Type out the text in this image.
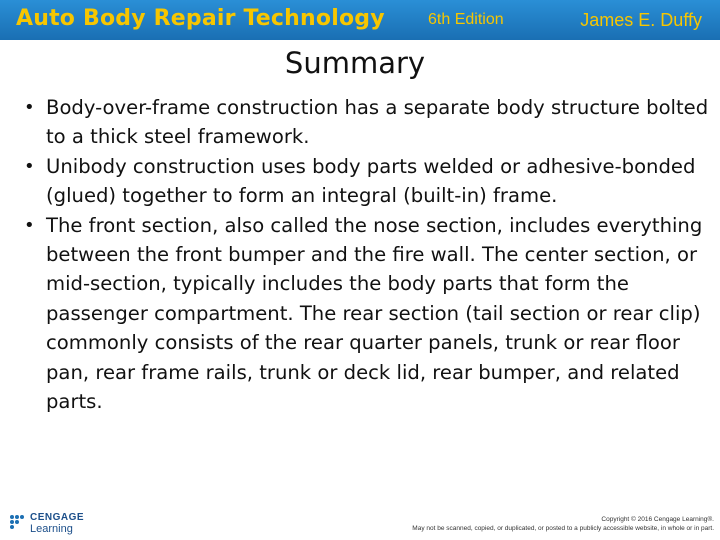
Auto Body Repair Technology	6th Edition	James E. Duffy
Summary
• Body-over-frame construction has a separate body structure bolted to a thick steel framework.
• Unibody construction uses body parts welded or adhesive-bonded (glued) together to form an integral (built-in) frame.
• The front section, also called the nose section, includes everything between the front bumper and the fire wall. The center section, or mid-section, typically includes the body parts that form the passenger compartment. The rear section (tail section or rear clip) commonly consists of the rear quarter panels, trunk or rear floor pan, rear frame rails, trunk or deck lid, rear bumper, and related parts.
CENGAGE
Learning
Copyright © 2016 Cengage Learning®.
May not be scanned, copied, or duplicated, or posted to a publicly accessible website, in whole or in part.
